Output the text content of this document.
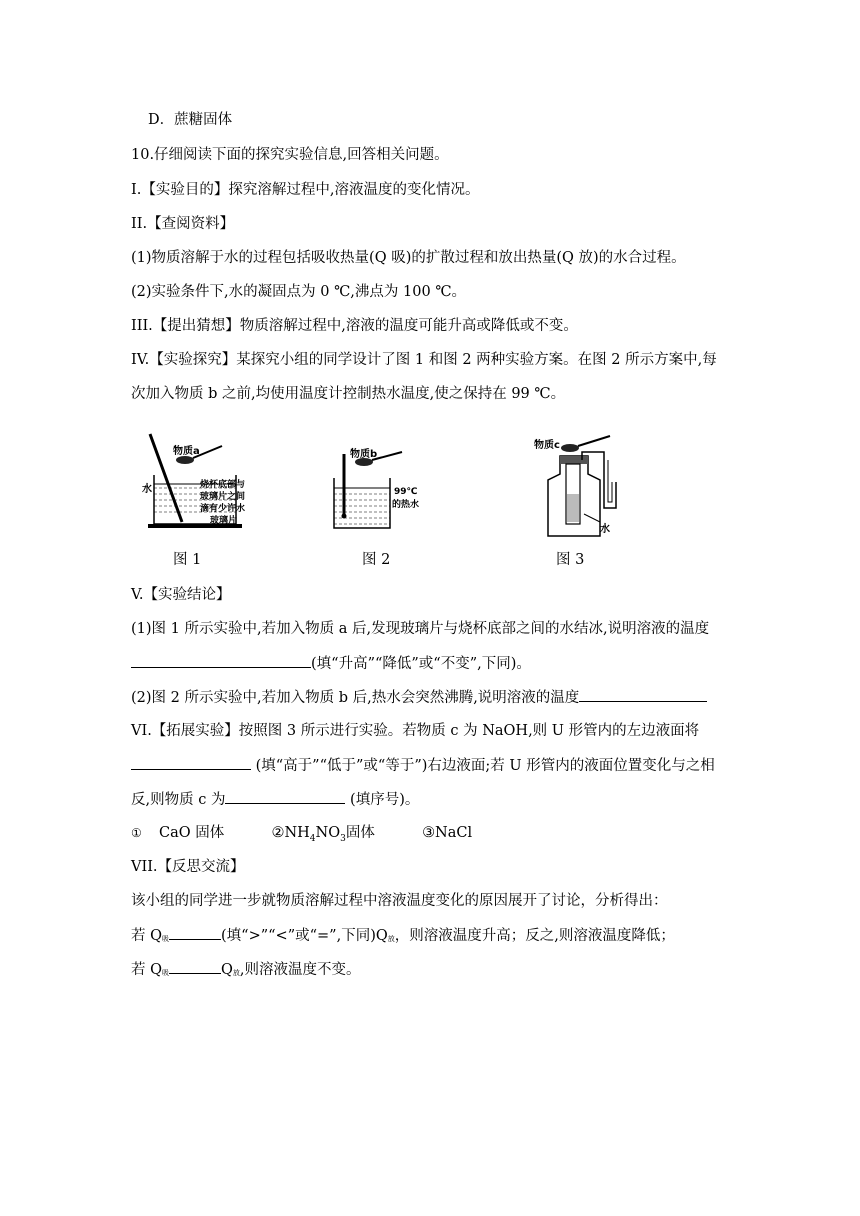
D．蔗糖固体
10.仔细阅读下面的探究实验信息,回答相关问题。
I.【实验目的】探究溶解过程中,溶液温度的变化情况。
II.【查阅资料】
(1)物质溶解于水的过程包括吸收热量(Q 吸)的扩散过程和放出热量(Q 放)的水合过程。
(2)实验条件下,水的凝固点为 0 ℃,沸点为 100 ℃。
III.【提出猜想】物质溶解过程中,溶液的温度可能升高或降低或不变。
IV.【实验探究】某探究小组的同学设计了图 1 和图 2 两种实验方案。在图 2 所示方案中,每
次加入物质 b 之前,均使用温度计控制热水温度,使之保持在 99 ℃。
物质a
水	烧杯底部与
玻璃片之间
滴有少许水
玻璃片
图 1
物质b
99℃
的热水
图 2
物质c
水
图 3
V.【实验结论】
(1)图 1 所示实验中,若加入物质 a 后,发现玻璃片与烧杯底部之间的水结冰,说明溶液的温度
(填“升高”“降低”或“不变”,下同)。
(2)图 2 所示实验中,若加入物质 b 后,热水会突然沸腾,说明溶液的温度
VI.【拓展实验】按照图 3 所示进行实验。若物质 c 为 NaOH,则 U 形管内的左边液面将
(填“高于”“低于”或“等于”)右边液面;若 U 形管内的液面位置变化与之相
反,则物质 c 为	(填序号)。
① CaO 固体	$②NH_4NO_3$固体	③NaCl
VII.【反思交流】
该小组的同学进一步就物质溶解过程中溶液温度变化的原因展开了讨论，分析得出：
若 $Q_吸$	(填“>”“<”或“=”,下同)$Q_放$，则溶液温度升高；反之,则溶液温度降低；
若 $Q_吸$	$Q_放$,则溶液温度不变。
